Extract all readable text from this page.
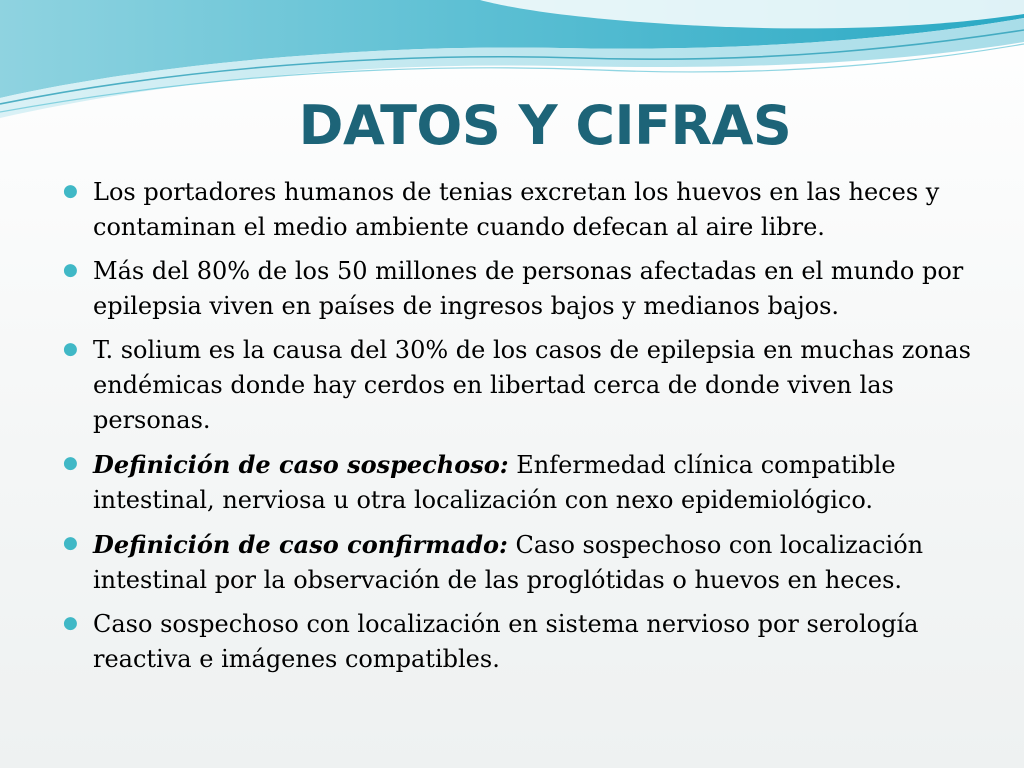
DATOS Y CIFRAS
● Los portadores humanos de tenias excretan los huevos en las heces y contaminan el medio ambiente cuando defecan al aire libre.
● Más del 80% de los 50 millones de personas afectadas en el mundo por epilepsia viven en países de ingresos bajos y medianos bajos.
● T. solium es la causa del 30% de los casos de epilepsia en muchas zonas endémicas donde hay cerdos en libertad cerca de donde viven las personas.
● Definición de caso sospechoso: Enfermedad clínica compatible intestinal, nerviosa u otra localización con nexo epidemiológico.
● Definición de caso confirmado: Caso sospechoso con localización intestinal por la observación de las proglótidas o huevos en heces.
● Caso sospechoso con localización en sistema nervioso por serología reactiva e imágenes compatibles.
